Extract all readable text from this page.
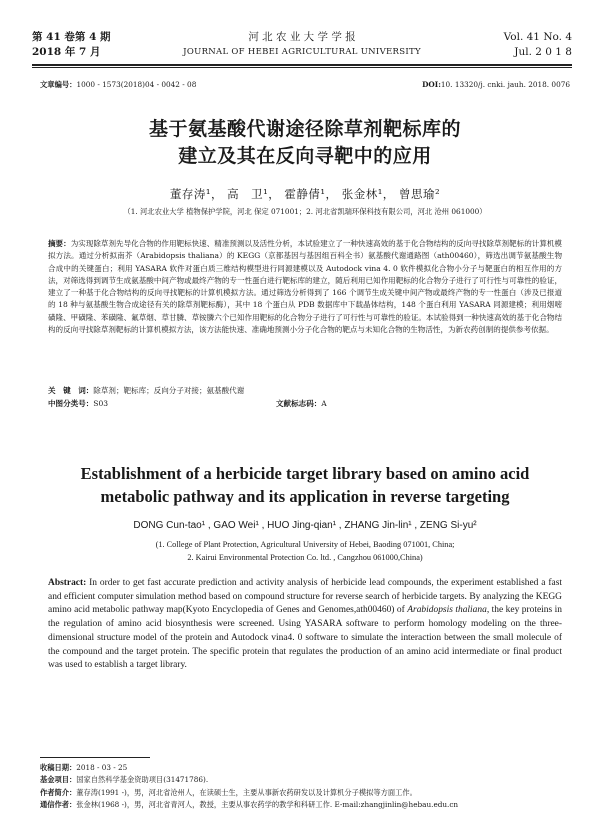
第 41 卷第 4 期
2018 年 7 月
河 北 农 业 大 学 学 报
JOURNAL OF HEBEI AGRICULTURAL UNIVERSITY
Vol. 41 No. 4
Jul. 2 0 1 8
文章编号：1000 - 1573(2018)04 - 0042 - 08	DOI:10. 13320/j. cnki. jauh. 2018. 0076
基于氨基酸代谢途径除草剂靶标库的
建立及其在反向寻靶中的应用
董存涛¹， 高　卫¹， 霍静倩¹， 张金林¹， 曾思瑜²
（1. 河北农业大学 植物保护学院，河北 保定 071001；2. 河北省凯瑞环保科技有限公司，河北 沧州 061000）
摘要：为实现除草剂先导化合物的作用靶标快速、精准预测以及活性分析，本试验建立了一种快速高效的基于化合物结构的反向寻找除草剂靶标的计算机模拟方法。通过分析拟南芥（Arabidopsis thaliana）的 KEGG（京都基因与基因组百科全书）氨基酸代谢通路图（ath00460），筛选出调节氨基酸生物合成中的关键蛋白；利用 YASARA 软件对蛋白质三维结构模型进行同源建模以及 Autodock vina 4. 0 软件模拟化合物小分子与靶蛋白的相互作用的方法，对筛选得到调节生成氨基酸中间产物或最终产物的专一性蛋白进行靶标库的建立，随后利用已知作用靶标的化合物分子进行了可行性与可靠性的验证，建立了一种基于化合物结构的反向寻找靶标的计算机模拟方法。通过筛选分析得到了 166 个调节生成关键中间产物或最终产物的专一性蛋白（涉及已报道的 18 种与氨基酸生物合成途径有关的除草剂靶标酶），其中 18 个蛋白从 PDB 数据库中下载晶体结构，148 个蛋白利用 YASARA 同源建模；利用烟嘧磺隆、甲磺隆、苯磺隆、氟草烟、草甘膦、草铵膦六个已知作用靶标的化合物分子进行了可行性与可靠性的验证。本试验得到一种快速高效的基于化合物结构的反向寻找除草剂靶标的计算机模拟方法，该方法能快速、准确地预测小分子化合物的靶点与未知化合物的生物活性，为新农药创制的提供参考依据。
关　键　词：除草剂；靶标库；反向分子对接；氨基酸代谢
中图分类号：S03	文献标志码：A
Establishment of a herbicide target library based on amino acid
metabolic pathway and its application in reverse targeting
DONG Cun-tao¹ , GAO Wei¹ , HUO Jing-qian¹ , ZHANG Jin-lin¹ , ZENG Si-yu²
(1. College of Plant Protection, Agricultural University of Hebei, Baoding 071001, China;
2. Kairui Environmental Protection Co. ltd. , Cangzhou 061000,China)
Abstract: In order to get fast accurate prediction and activity analysis of herbicide lead compounds, the experiment established a fast and efficient computer simulation method based on compound structure for reverse search of herbicide targets. By analyzing the KEGG amino acid metabolic pathway map(Kyoto Encyclopedia of Genes and Genomes,ath00460) of Arabidopsis thaliana, the key proteins in the regulation of amino acid biosynthesis were screened. Using YASARA software to perform homology modeling on the three-dimensional structure model of the protein and Autodock vina4. 0 software to simulate the interaction between the small molecule of the compound and the target protein. The specific protein that regulates the production of an amino acid intermediate or final product was used to establish a target library.
收稿日期：2018 - 03 - 25
基金项目：国家自然科学基金资助项目(31471786).
作者简介：董存涛(1991 -)，男，河北省沧州人，在读硕士生，主要从事新农药研发以及计算机分子模拟等方面工作。
通信作者：张金林(1968 -)，男，河北省青河人，教授，主要从事农药学的教学和科研工作. E-mail:zhangjinlin@hebau.edu.cn
